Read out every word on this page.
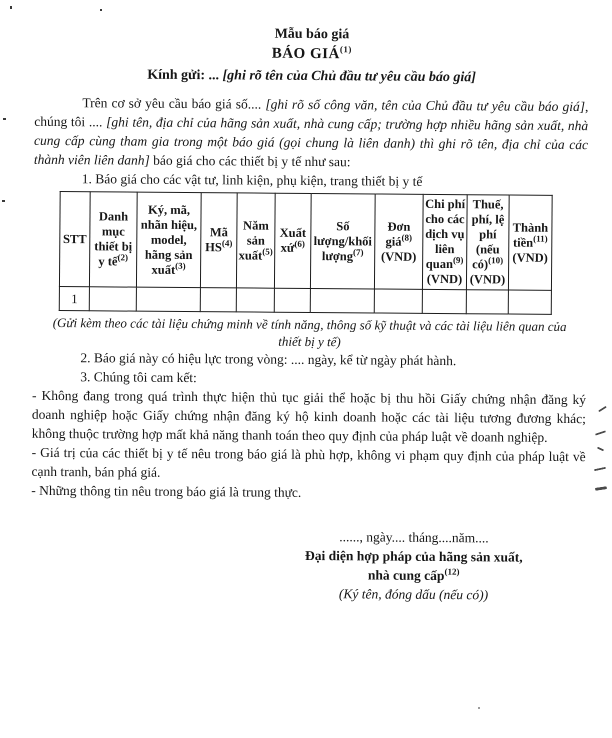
Mẫu báo giá
BÁO GIÁ$^{(1)}$
Kính gửi: ... [ghi rõ tên của Chủ đầu tư yêu cầu báo giá]

Trên cơ sở yêu cầu báo giá số.... [ghi rõ số công văn, tên của Chủ đầu tư yêu cầu báo giá], chúng tôi .... [ghi tên, địa chỉ của hãng sản xuất, nhà cung cấp; trường hợp nhiều hãng sản xuất, nhà cung cấp cùng tham gia trong một báo giá (gọi chung là liên danh) thì ghi rõ tên, địa chỉ của các thành viên liên danh] báo giá cho các thiết bị y tế như sau:

1. Báo giá cho các vật tư, linh kiện, phụ kiện, trang thiết bị y tế
STT	Danh mục thiết bị y tế$^{(2)}$	Ký, mã, nhãn hiệu, model, hãng sản xuất$^{(3)}$	Mã HS$^{(4)}$	Năm sản xuất$^{(5)}$	Xuất xứ$^{(6)}$	Số lượng/khối lượng$^{(7)}$	Đơn giá$^{(8)}$ (VND)	Chi phí cho các dịch vụ liên quan$^{(9)}$ (VND)	Thuế, phí, lệ phí (nếu có)$^{(10)}$ (VND)	Thành tiền$^{(11)}$ (VND)
1										
(Gửi kèm theo các tài liệu chứng minh về tính năng, thông số kỹ thuật và các tài liệu liên quan của thiết bị y tế)
2. Báo giá này có hiệu lực trong vòng: .... ngày, kể từ ngày phát hành.
3. Chúng tôi cam kết:

- Không đang trong quá trình thực hiện thủ tục giải thể hoặc bị thu hồi Giấy chứng nhận đăng ký doanh nghiệp hoặc Giấy chứng nhận đăng ký hộ kinh doanh hoặc các tài liệu tương đương khác; không thuộc trường hợp mất khả năng thanh toán theo quy định của pháp luật về doanh nghiệp.

- Giá trị của các thiết bị y tế nêu trong báo giá là phù hợp, không vi phạm quy định của pháp luật về cạnh tranh, bán phá giá.

- Những thông tin nêu trong báo giá là trung thực.

......, ngày.... tháng....năm....
Đại diện hợp pháp của hãng sản xuất,
nhà cung cấp$^{(12)}$
(Ký tên, đóng dấu (nếu có))
